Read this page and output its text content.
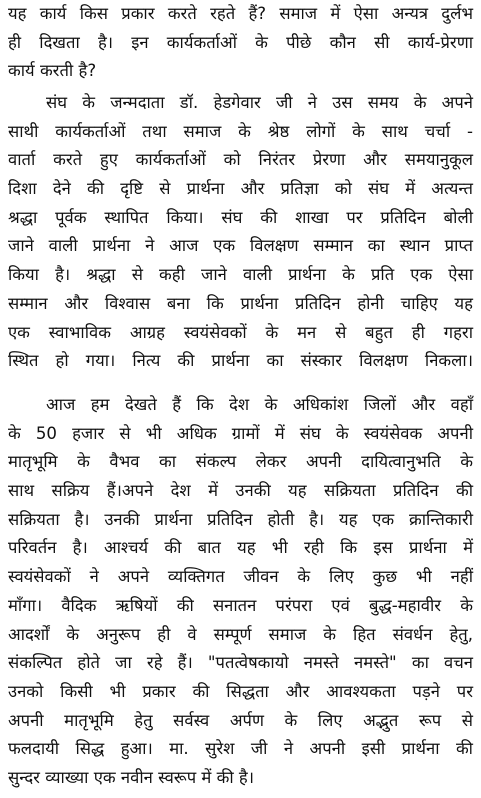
यह कार्य किस प्रकार करते रहते हैं? समाज में ऐसा अन्यत्र दुर्लभ
ही दिखता है। इन कार्यकर्ताओं के पीछे कौन सी कार्य-प्रेरणा
कार्य करती है?
संघ के जन्मदाता डॉ. हेडगेवार जी ने उस समय के अपने
साथी कार्यकर्ताओं तथा समाज के श्रेष्ठ लोगों के साथ चर्चा -
वार्ता करते हुए कार्यकर्ताओं को निरंतर प्रेरणा और समयानुकूल
दिशा देने की दृष्टि से प्रार्थना और प्रतिज्ञा को संघ में अत्यन्त
श्रद्धा पूर्वक स्थापित किया। संघ की शाखा पर प्रतिदिन बोली
जाने वाली प्रार्थना ने आज एक विलक्षण सम्मान का स्थान प्राप्त
किया है। श्रद्धा से कही जाने वाली प्रार्थना के प्रति एक ऐसा
सम्मान और विश्वास बना कि प्रार्थना प्रतिदिन होनी चाहिए यह
एक स्वाभाविक आग्रह स्वयंसेवकों के मन से बहुत ही गहरा
स्थित हो गया। नित्य की प्रार्थना का संस्कार विलक्षण निकला।
आज हम देखते हैं कि देश के अधिकांश जिलों और वहाँ
के 50 हजार से भी अधिक ग्रामों में संघ के स्वयंसेवक अपनी
मातृभूमि के वैभव का संकल्प लेकर अपनी दायित्वानुभति के
साथ सक्रिय हैं।अपने देश में उनकी यह सक्रियता प्रतिदिन की
सक्रियता है। उनकी प्रार्थना प्रतिदिन होती है। यह एक क्रान्तिकारी
परिवर्तन है। आश्चर्य की बात यह भी रही कि इस प्रार्थना में
स्वयंसेवकों ने अपने व्यक्तिगत जीवन के लिए कुछ भी नहीं
माँगा। वैदिक ऋषियों की सनातन परंपरा एवं बुद्ध-महावीर के
आदर्शों के अनुरूप ही वे सम्पूर्ण समाज के हित संवर्धन हेतु,
संकल्पित होते जा रहे हैं। "पतत्वेषकायो नमस्ते नमस्ते" का वचन
उनको किसी भी प्रकार की सिद्धता और आवश्यकता पड़ने पर
अपनी मातृभूमि हेतु सर्वस्व अर्पण के लिए अद्भुत रूप से
फलदायी सिद्ध हुआ। मा. सुरेश जी ने अपनी इसी प्रार्थना की
सुन्दर व्याख्या एक नवीन स्वरूप में की है।
